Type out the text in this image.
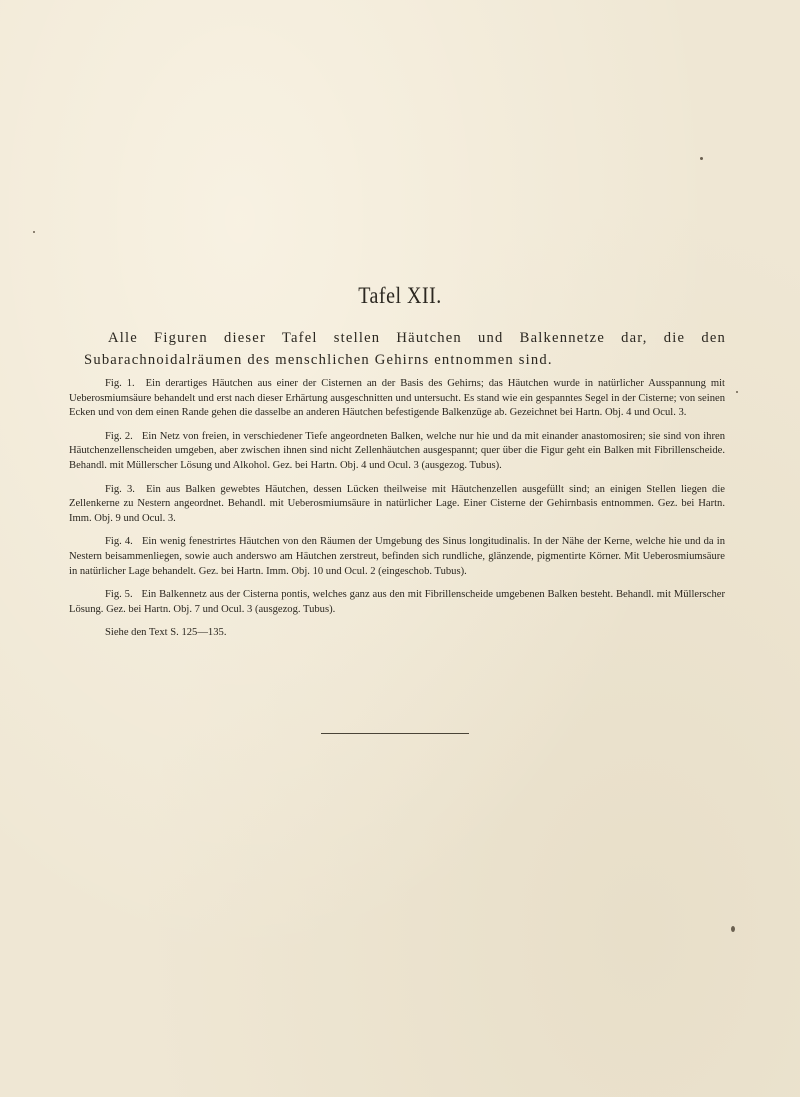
Tafel XII.

Alle Figuren dieser Tafel stellen Häutchen und Balkennetze dar, die den Subarachnoidalräumen des menschlichen Gehirns entnommen sind.

Fig. 1. Ein derartiges Häutchen aus einer der Cisternen an der Basis des Gehirns; das Häutchen wurde in natürlicher Ausspannung mit Ueberosmiumsäure behandelt und erst nach dieser Erhärtung ausgeschnitten und untersucht. Es stand wie ein gespanntes Segel in der Cisterne; von seinen Ecken und von dem einen Rande gehen die dasselbe an anderen Häutchen befestigende Balkenzüge ab. Gezeichnet bei Hartn. Obj. 4 und Ocul. 3.

Fig. 2. Ein Netz von freien, in verschiedener Tiefe angeordneten Balken, welche nur hie und da mit einander anastomosiren; sie sind von ihren Häutchenzellenscheiden umgeben, aber zwischen ihnen sind nicht Zellenhäutchen ausgespannt; quer über die Figur geht ein Balken mit Fibrillenscheide. Behandl. mit Müllerscher Lösung und Alkohol. Gez. bei Hartn. Obj. 4 und Ocul. 3 (ausgezog. Tubus).

Fig. 3. Ein aus Balken gewebtes Häutchen, dessen Lücken theilweise mit Häutchenzellen ausgefüllt sind; an einigen Stellen liegen die Zellenkerne zu Nestern angeordnet. Behandl. mit Ueberosmiumsäure in natürlicher Lage. Einer Cisterne der Gehirnbasis entnommen. Gez. bei Hartn. Imm. Obj. 9 und Ocul. 3.

Fig. 4. Ein wenig fenestrirtes Häutchen von den Räumen der Umgebung des Sinus longitudinalis. In der Nähe der Kerne, welche hie und da in Nestern beisammenliegen, sowie auch anderswo am Häutchen zerstreut, befinden sich rundliche, glänzende, pigmentirte Körner. Mit Ueberosmiumsäure in natürlicher Lage behandelt. Gez. bei Hartn. Imm. Obj. 10 und Ocul. 2 (eingeschob. Tubus).

Fig. 5. Ein Balkennetz aus der Cisterna pontis, welches ganz aus den mit Fibrillenscheide umgebenen Balken besteht. Behandl. mit Müllerscher Lösung. Gez. bei Hartn. Obj. 7 und Ocul. 3 (ausgezog. Tubus).

Siehe den Text S. 125—135.
